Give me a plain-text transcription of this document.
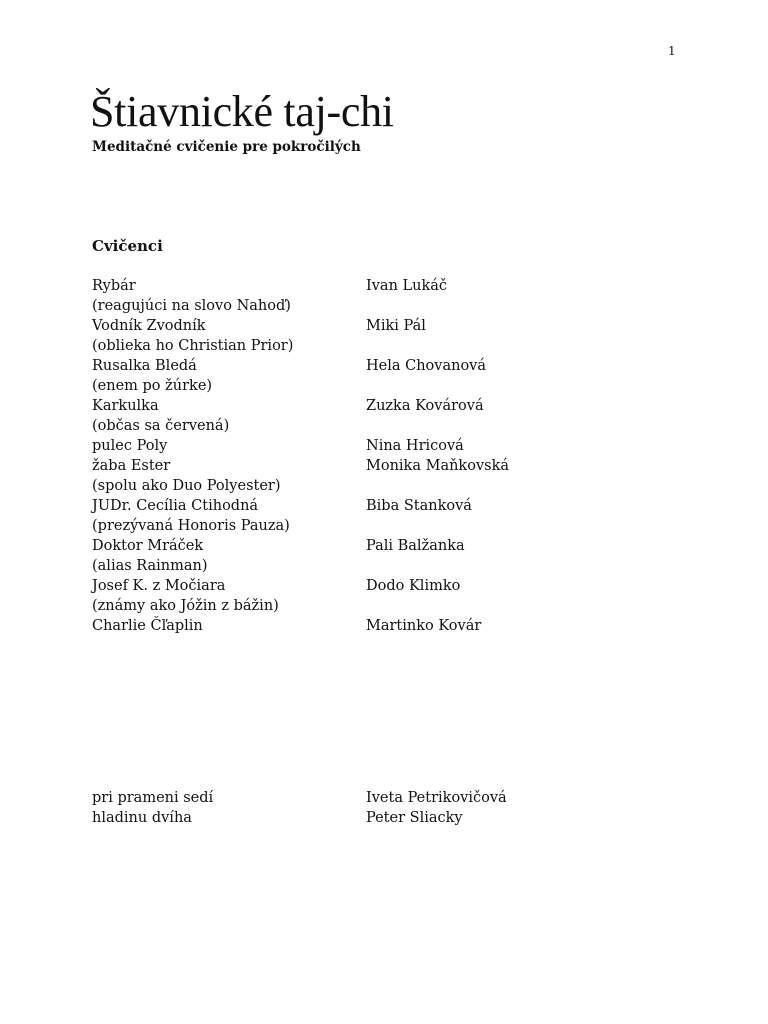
1
Štiavnické taj-chi

Meditačné cvičenie pre pokročilých

Cvičenci
Rybár	Ivan Lukáč
(reagujúci na slovo Nahoď)
Vodník Zvodník	Miki Pál
(oblieka ho Christian Prior)
Rusalka Bledá	Hela Chovanová
(enem po žúrke)
Karkulka	Zuzka Kovárová
(občas sa červená)
pulec Poly	Nina Hricová
žaba Ester	Monika Maňkovská
(spolu ako Duo Polyester)
JUDr. Cecília Ctihodná	Biba Stanková
(prezývaná Honoris Pauza)
Doktor Mráček	Pali Balžanka
(alias Rainman)
Josef K. z Močiara	Dodo Klimko
(známy ako Jóžin z bážin)
Charlie Čľaplin	Martinko Kovár
pri prameni sedí	Iveta Petrikovičová
hladinu dvíha	Peter Sliacky
